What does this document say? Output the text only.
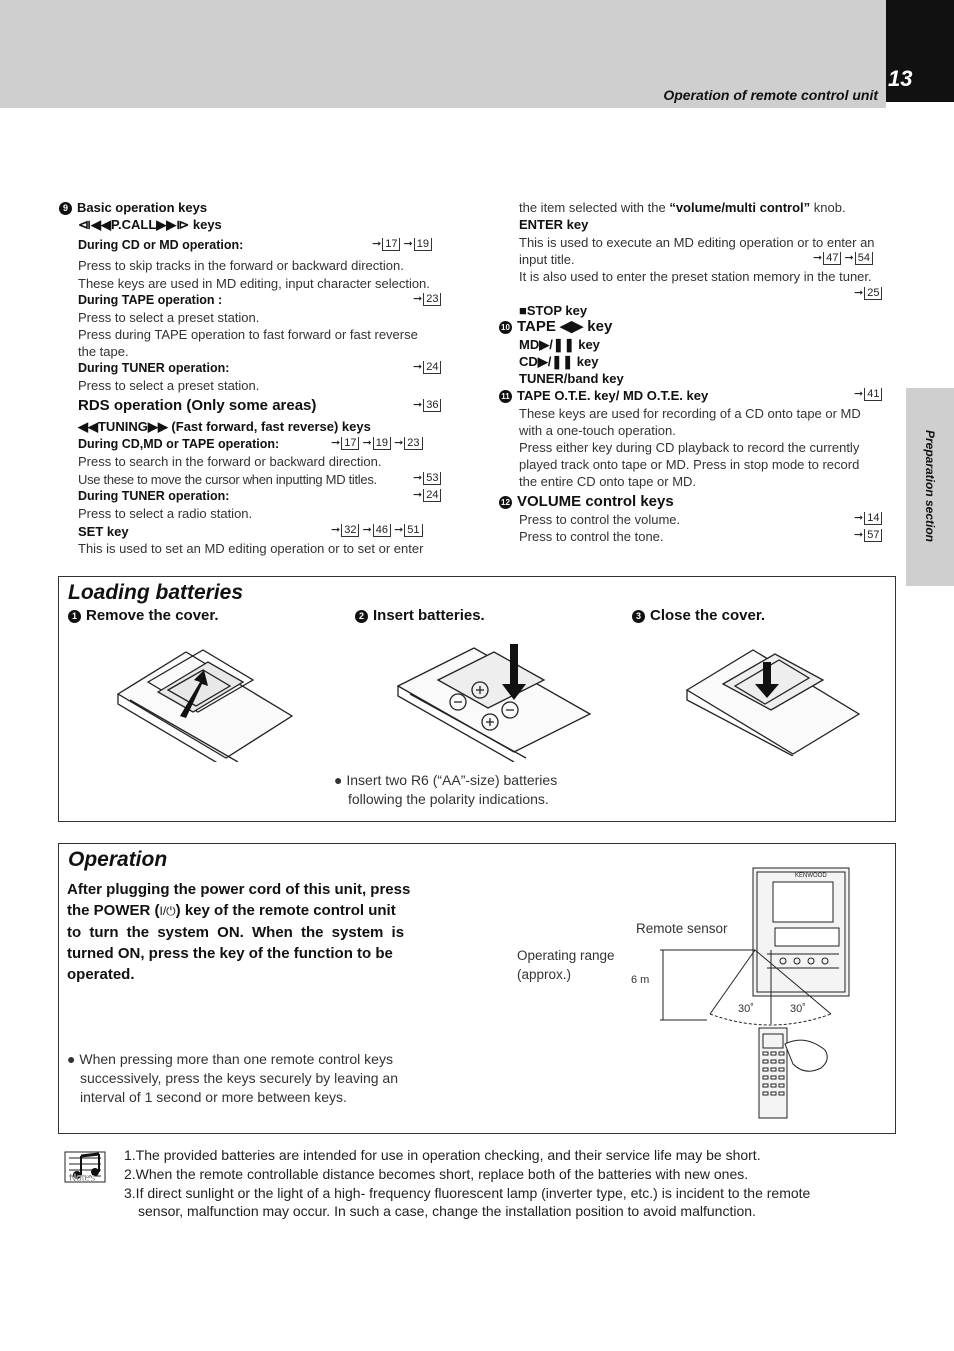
13
Operation of remote control unit
Preparation section
9 Basic operation keys
⧏◀◀P.CALL▶▶⧐ keys
During CD or MD operation:	➞ 17 ➞ 19
Press to skip tracks in the forward or backward direction.
These keys are used in MD editing, input character selection.
During TAPE operation :	➞ 23
Press to select a preset station.
Press during TAPE operation to fast forward or fast reverse
the tape.
During TUNER operation:	➞ 24
Press to select a preset station.
RDS operation (Only some areas)	➞ 36
◀◀TUNING▶▶ (Fast forward, fast reverse) keys
During CD,MD or TAPE operation:	➞ 17 ➞ 19 ➞ 23
Press to search in the forward or backward direction.
Use these to move the cursor when inputting MD titles.	➞ 53
During TUNER operation:	➞ 24
Press to select a radio station.
SET key	➞ 32 ➞ 46 ➞ 51
This is used to set an MD editing operation or to set or enter
the item selected with the “volume/multi control” knob.
ENTER key
This is used to execute an MD editing operation or to enter an
input title.	➞ 47 ➞ 54
It is also used to enter the preset station memory in the tuner.
➞ 25
■STOP key
10 TAPE ◀▶ key
MD▶/❚❚ key
CD▶/❚❚ key
TUNER/band key
11 TAPE O.T.E. key/ MD O.T.E. key	➞ 41
These keys are used for recording of a CD onto tape or MD
with a one-touch operation.
Press either key during CD playback to record the currently
played track onto tape or MD. Press in stop mode to record
the entire CD onto tape or MD.
12 VOLUME control keys
Press to control the volume.	➞ 14
Press to control the tone.	➞ 57
Loading batteries
1 Remove the cover.	2 Insert batteries.	3 Close the cover.
● Insert two R6 (“AA”-size) batteries
following the polarity indications.
Operation
After plugging the power cord of this unit, press
the POWER (I/⏻) key of the remote control unit
to turn the system ON. When the system is
turned ON, press the key of the function to be
operated.
● When pressing more than one remote control keys
successively, press the keys securely by leaving an
interval of 1 second or more between keys.
Remote sensor
Operating range
(approx.)	6 m
30˚	30˚
KENWOOD
Notes
1.The provided batteries are intended for use in operation checking, and their service life may be short.
2.When the remote controllable distance becomes short, replace both of the batteries with new ones.
3.If direct sunlight or the light of a high- frequency fluorescent lamp (inverter type, etc.) is incident to the remote
sensor, malfunction may occur. In such a case, change the installation position to avoid malfunction.
